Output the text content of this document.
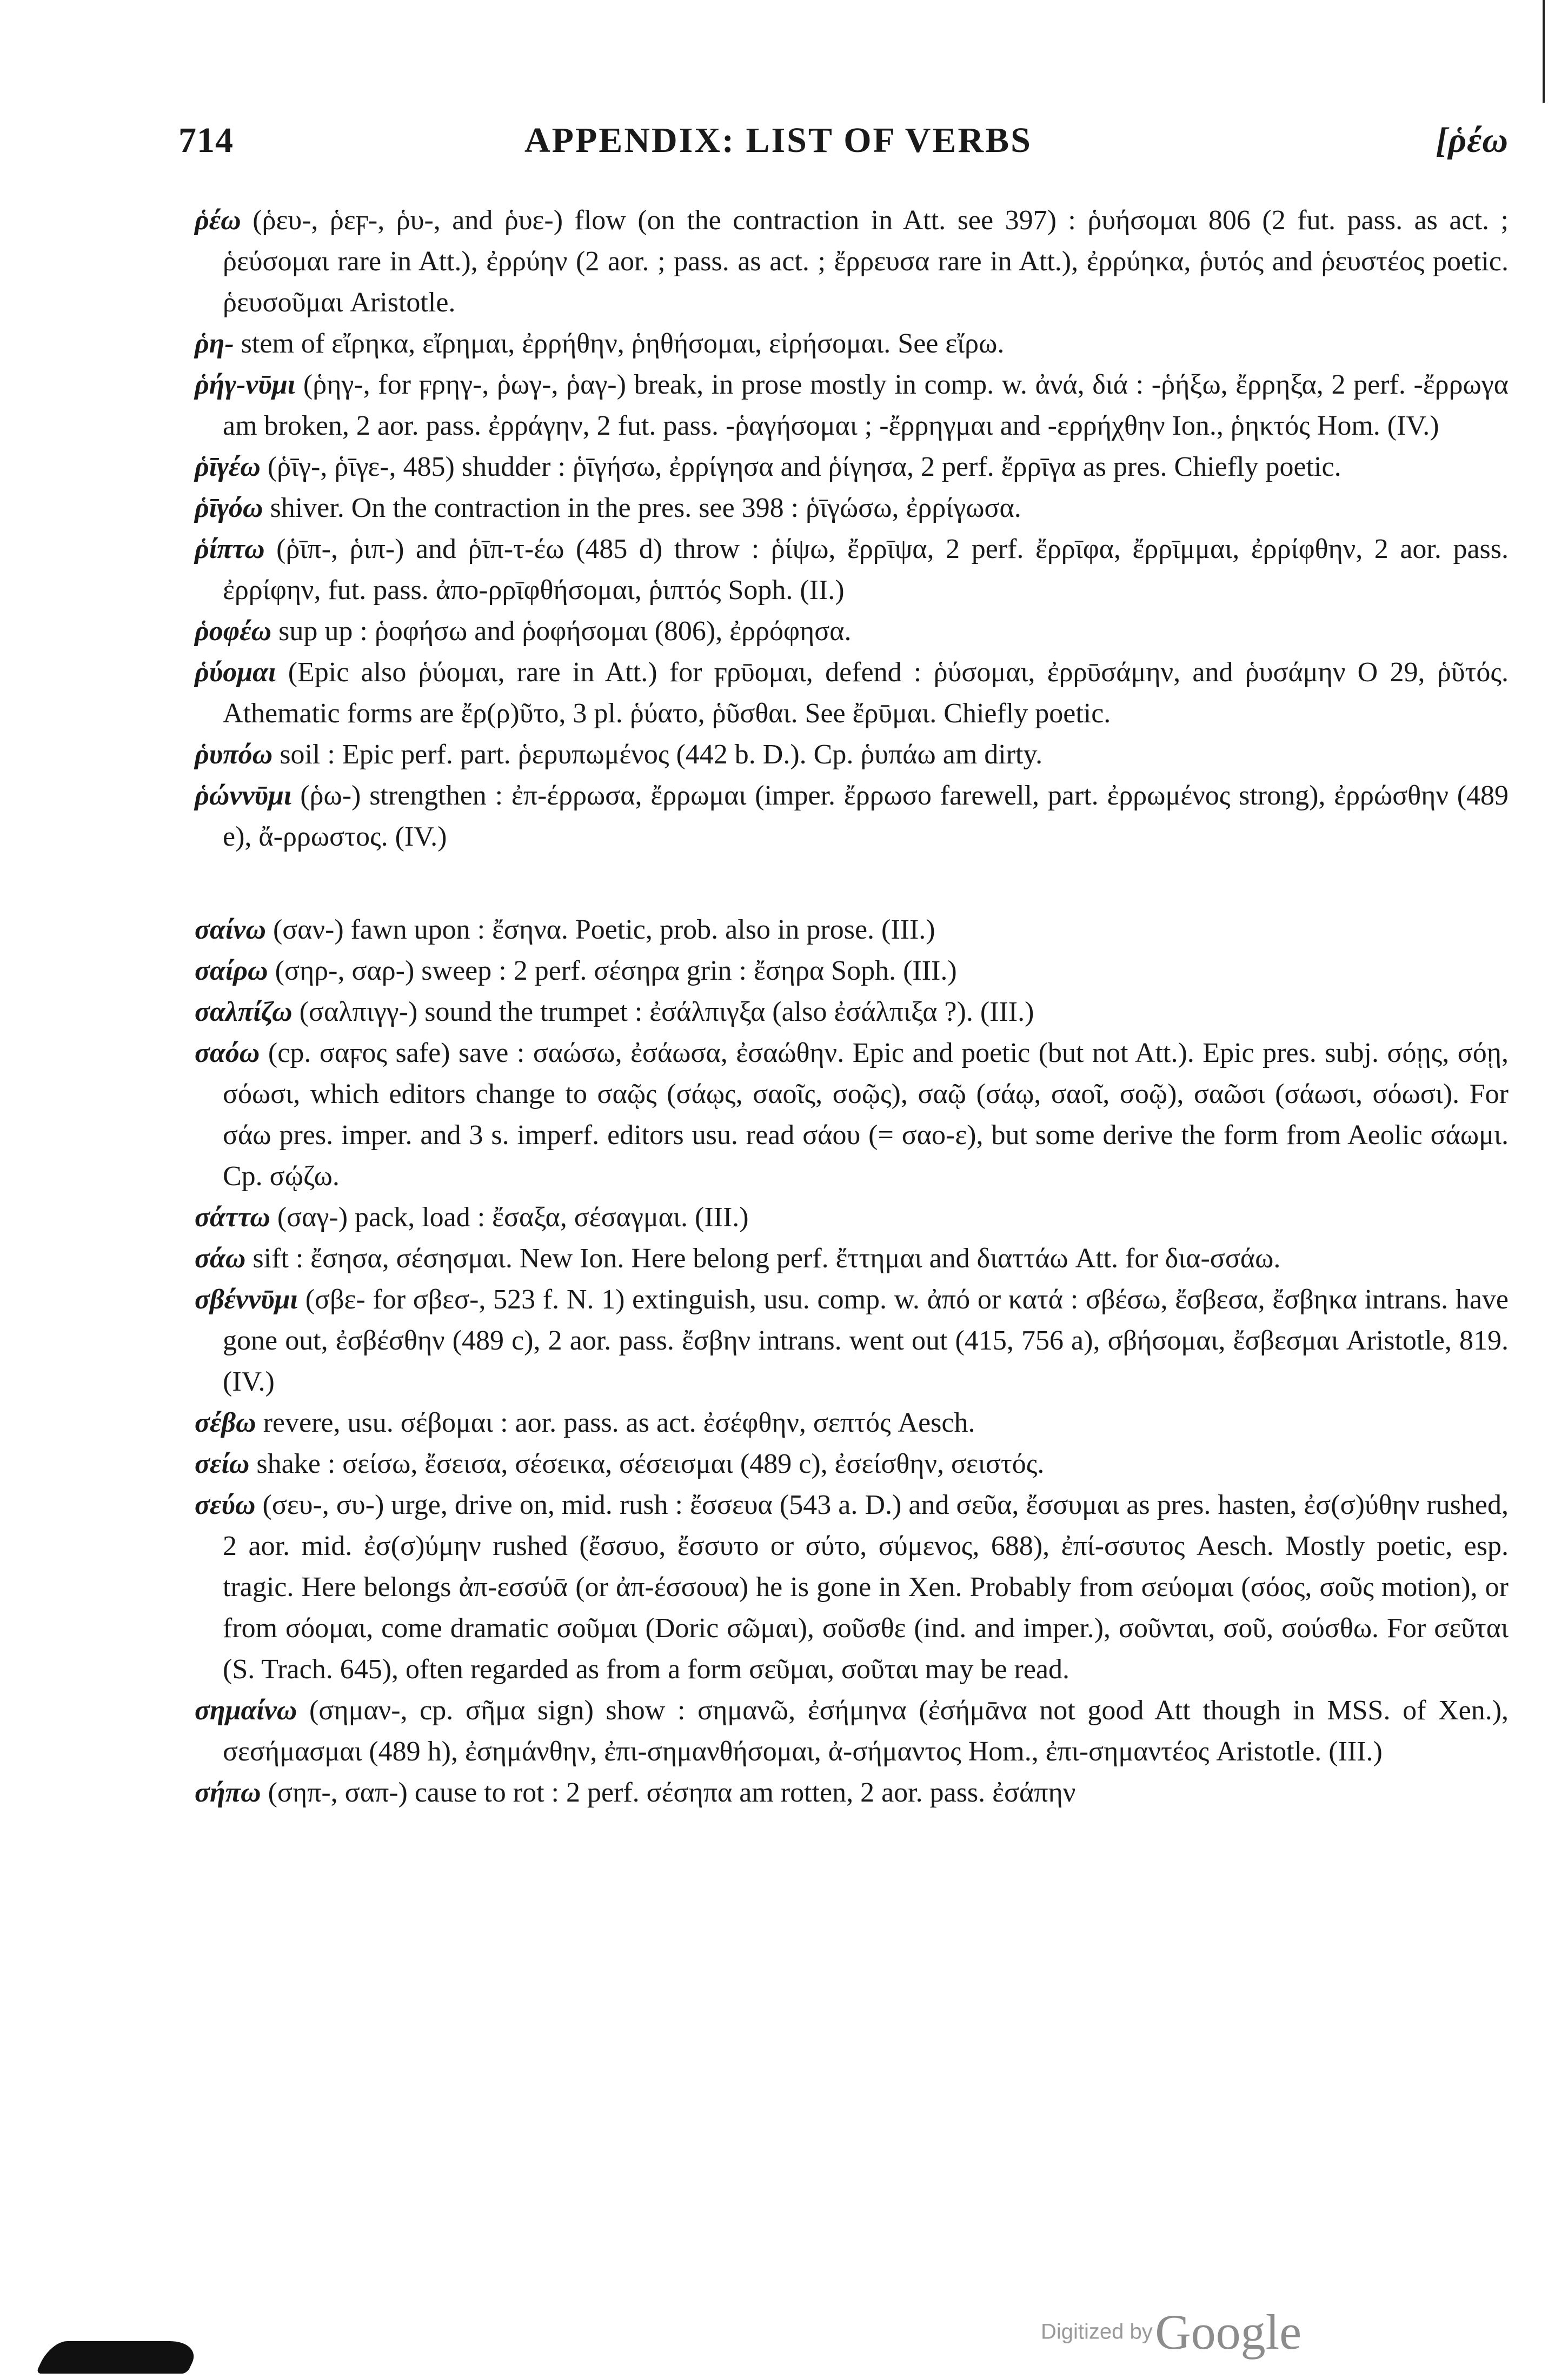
714	APPENDIX: LIST OF VERBS	[ῥέω
ῥέω (ῥευ-, ῥεϝ-, ῥυ-, and ῥυε-) flow (on the contraction in Att. see 397) : ῥυήσομαι 806 (2 fut. pass. as act. ; ῥεύσομαι rare in Att.), ἐρρύην (2 aor. ; pass. as act. ; ἔρρευσα rare in Att.), ἐρρύηκα, ῥυτός and ῥευστέος poetic. ῥευσοῦμαι Aristotle.
ῥη- stem of εἴρηκα, εἴρημαι, ἐρρήθην, ῥηθήσομαι, εἰρήσομαι. See εἴρω.
ῥήγ-νῡμι (ῥηγ-, for ϝρηγ-, ῥωγ-, ῥαγ-) break, in prose mostly in comp. w. ἀνά, διά : -ῥήξω, ἔρρηξα, 2 perf. -ἔρρωγα am broken, 2 aor. pass. ἐρράγην, 2 fut. pass. -ῥαγήσομαι ; -ἔρρηγμαι and -ερρήχθην Ion., ῥηκτός Hom. (IV.)
ῥῑγέω (ῥῑγ-, ῥῑγε-, 485) shudder : ῥῑγήσω, ἐρρίγησα and ῥίγησα, 2 perf. ἔρρῑγα as pres. Chiefly poetic.
ῥῑγόω shiver. On the contraction in the pres. see 398 : ῥῑγώσω, ἐρρίγωσα.
ῥίπτω (ῥῑπ-, ῥιπ-) and ῥῑπ-τ-έω (485 d) throw : ῥίψω, ἔρρῑψα, 2 perf. ἔρρῑφα, ἔρρῑμμαι, ἐρρίφθην, 2 aor. pass. ἐρρίφην, fut. pass. ἀπο-ρρῑφθήσομαι, ῥιπτός Soph. (II.)
ῥοφέω sup up : ῥοφήσω and ῥοφήσομαι (806), ἐρρόφησα.
ῥύομαι (Epic also ῥύομαι, rare in Att.) for ϝρῡομαι, defend : ῥύσομαι, ἐρρῡσάμην, and ῥυσάμην O 29, ῥῦτός. Athematic forms are ἔρ(ρ)ῦτο, 3 pl. ῥύατο, ῥῦσθαι. See ἔρῡμαι. Chiefly poetic.
ῥυπόω soil : Epic perf. part. ῥερυπωμένος (442 b. D.). Cp. ῥυπάω am dirty.
ῥώννῡμι (ῥω-) strengthen : ἐπ-έρρωσα, ἔρρωμαι (imper. ἔρρωσο farewell, part. ἐρρωμένος strong), ἐρρώσθην (489 e), ἄ-ρρωστος. (IV.)
σαίνω (σαν-) fawn upon : ἔσηνα. Poetic, prob. also in prose. (III.)
σαίρω (σηρ-, σαρ-) sweep : 2 perf. σέσηρα grin : ἔσηρα Soph. (III.)
σαλπίζω (σαλπιγγ-) sound the trumpet : ἐσάλπιγξα (also ἐσάλπιξα ?). (III.)
σαόω (cp. σαϝος safe) save : σαώσω, ἐσάωσα, ἐσαώθην. Epic and poetic (but not Att.). Epic pres. subj. σόῃς, σόῃ, σόωσι, which editors change to σαῷς (σάῳς, σαοῖς, σοῷς), σαῷ (σάῳ, σαοῖ, σοῷ), σαῶσι (σάωσι, σόωσι). For σάω pres. imper. and 3 s. imperf. editors usu. read σάου (= σαο-ε), but some derive the form from Aeolic σάωμι. Cp. σῴζω.
σάττω (σαγ-) pack, load : ἔσαξα, σέσαγμαι. (III.)
σάω sift : ἔσησα, σέσησμαι. New Ion. Here belong perf. ἔττημαι and διαττάω Att. for δια-σσάω.
σβέννῡμι (σβε- for σβεσ-, 523 f. N. 1) extinguish, usu. comp. w. ἀπό or κατά : σβέσω, ἔσβεσα, ἔσβηκα intrans. have gone out, ἐσβέσθην (489 c), 2 aor. pass. ἔσβην intrans. went out (415, 756 a), σβήσομαι, ἔσβεσμαι Aristotle, 819. (IV.)
σέβω revere, usu. σέβομαι : aor. pass. as act. ἐσέφθην, σεπτός Aesch.
σείω shake : σείσω, ἔσεισα, σέσεικα, σέσεισμαι (489 c), ἐσείσθην, σειστός.
σεύω (σευ-, συ-) urge, drive on, mid. rush : ἔσσευα (543 a. D.) and σεῦα, ἔσσυμαι as pres. hasten, ἐσ(σ)ύθην rushed, 2 aor. mid. ἐσ(σ)ύμην rushed (ἔσσυο, ἔσσυτο or σύτο, σύμενος, 688), ἐπί-σσυτος Aesch. Mostly poetic, esp. tragic. Here belongs ἀπ-εσσύᾱ (or ἀπ-έσσουα) he is gone in Xen. Probably from σεύομαι (σόος, σοῦς motion), or from σόομαι, come dramatic σοῦμαι (Doric σῶμαι), σοῦσθε (ind. and imper.), σοῦνται, σοῦ, σούσθω. For σεῦται (S. Trach. 645), often regarded as from a form σεῦμαι, σοῦται may be read.
σημαίνω (σημαν-, cp. σῆμα sign) show : σημανῶ, ἐσήμηνα (ἐσήμᾱνα not good Att though in MSS. of Xen.), σεσήμασμαι (489 h), ἐσημάνθην, ἐπι-σημανθήσομαι, ἀ-σήμαντος Hom., ἐπι-σημαντέος Aristotle. (III.)
σήπω (σηπ-, σαπ-) cause to rot : 2 perf. σέσηπα am rotten, 2 aor. pass. ἐσάπην
Digitized by Google
